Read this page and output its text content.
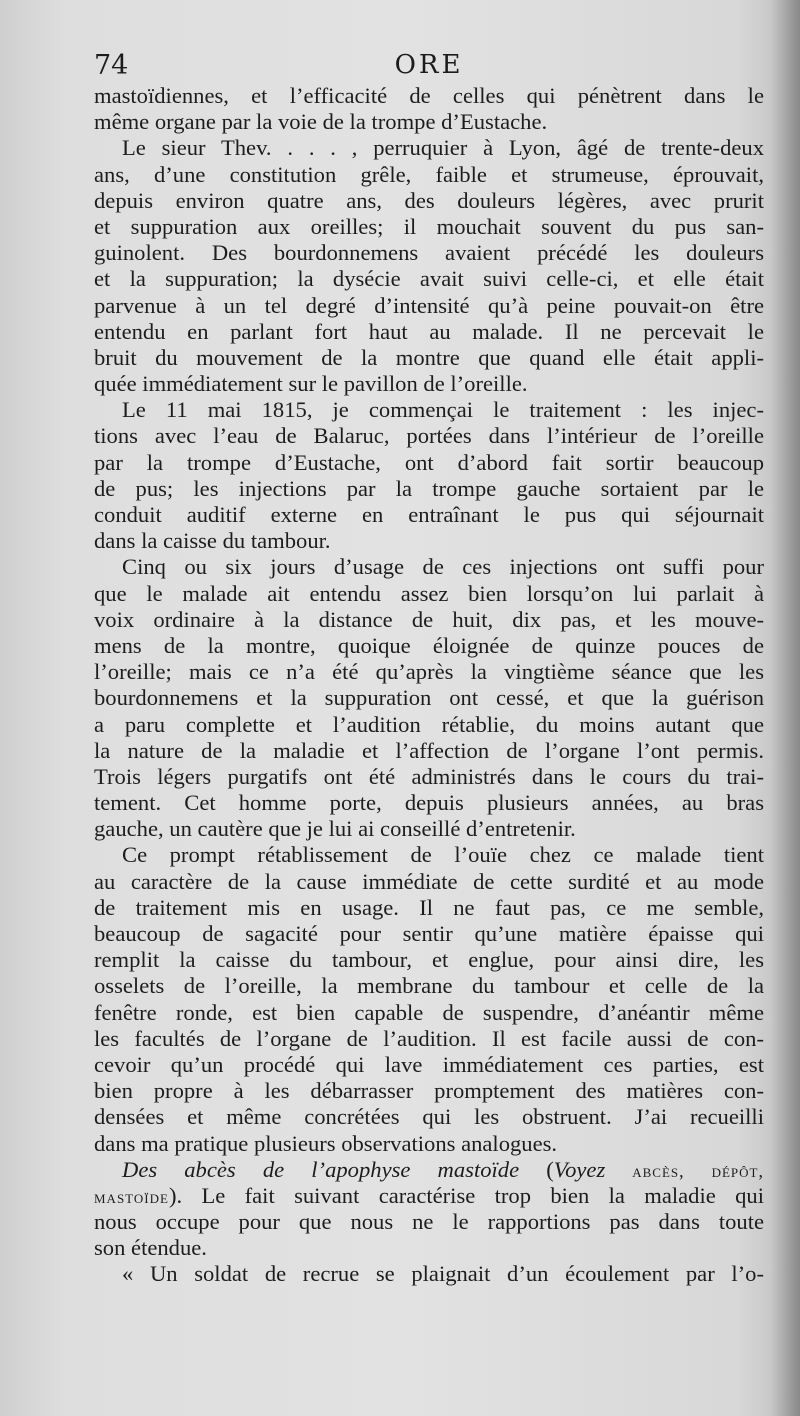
74	ORE
mastoïdiennes, et l’efficacité de celles qui pénètrent dans le
même organe par la voie de la trompe d’Eustache.
Le sieur Thev. . . . , perruquier à Lyon, âgé de trente-deux
ans, d’une constitution grêle, faible et strumeuse, éprouvait,
depuis environ quatre ans, des douleurs légères, avec prurit
et suppuration aux oreilles; il mouchait souvent du pus san-
guinolent. Des bourdonnemens avaient précédé les douleurs
et la suppuration; la dysécie avait suivi celle-ci, et elle était
parvenue à un tel degré d’intensité qu’à peine pouvait-on être
entendu en parlant fort haut au malade. Il ne percevait le
bruit du mouvement de la montre que quand elle était appli-
quée immédiatement sur le pavillon de l’oreille.
Le 11 mai 1815, je commençai le traitement : les injec-
tions avec l’eau de Balaruc, portées dans l’intérieur de l’oreille
par la trompe d’Eustache, ont d’abord fait sortir beaucoup
de pus; les injections par la trompe gauche sortaient par le
conduit auditif externe en entraînant le pus qui séjournait
dans la caisse du tambour.
Cinq ou six jours d’usage de ces injections ont suffi pour
que le malade ait entendu assez bien lorsqu’on lui parlait à
voix ordinaire à la distance de huit, dix pas, et les mouve-
mens de la montre, quoique éloignée de quinze pouces de
l’oreille; mais ce n’a été qu’après la vingtième séance que les
bourdonnemens et la suppuration ont cessé, et que la guérison
a paru complette et l’audition rétablie, du moins autant que
la nature de la maladie et l’affection de l’organe l’ont permis.
Trois légers purgatifs ont été administrés dans le cours du trai-
tement. Cet homme porte, depuis plusieurs années, au bras
gauche, un cautère que je lui ai conseillé d’entretenir.
Ce prompt rétablissement de l’ouïe chez ce malade tient
au caractère de la cause immédiate de cette surdité et au mode
de traitement mis en usage. Il ne faut pas, ce me semble,
beaucoup de sagacité pour sentir qu’une matière épaisse qui
remplit la caisse du tambour, et englue, pour ainsi dire, les
osselets de l’oreille, la membrane du tambour et celle de la
fenêtre ronde, est bien capable de suspendre, d’anéantir même
les facultés de l’organe de l’audition. Il est facile aussi de con-
cevoir qu’un procédé qui lave immédiatement ces parties, est
bien propre à les débarrasser promptement des matières con-
densées et même concrétées qui les obstruent. J’ai recueilli
dans ma pratique plusieurs observations analogues.
Des abcès de l’apophyse mastoïde (Voyez abcès, dépôt,
mastoïde). Le fait suivant caractérise trop bien la maladie qui
nous occupe pour que nous ne le rapportions pas dans toute
son étendue.
« Un soldat de recrue se plaignait d’un écoulement par l’o-
